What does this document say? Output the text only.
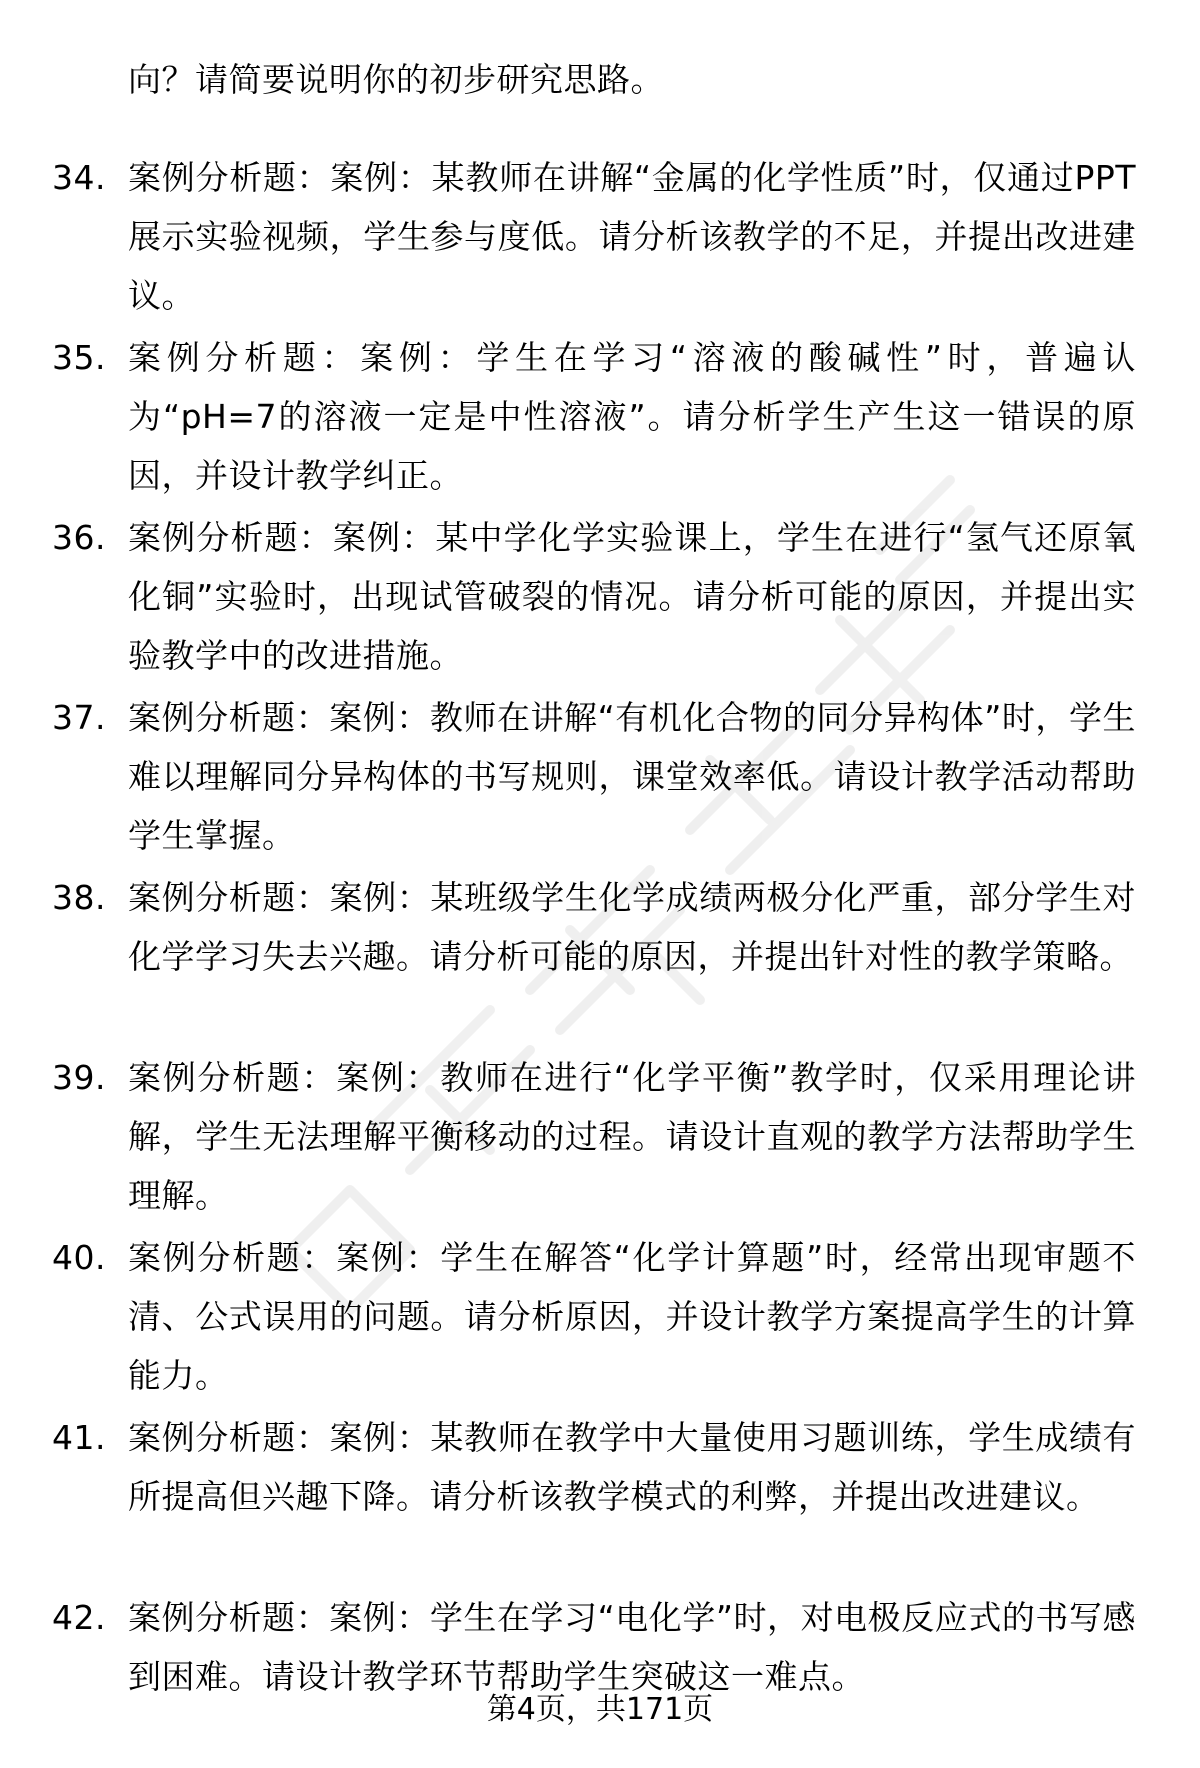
向？请简要说明你的初步研究思路。
34. 案例分析题：案例：某教师在讲解“金属的化学性质”时，仅通过PPT展示实验视频，学生参与度低。请分析该教学的不足，并提出改进建议。

35. 案例分析题：案例：学生在学习“溶液的酸碱性”时，普遍认为“pH=7的溶液一定是中性溶液”。请分析学生产生这一错误的原因，并设计教学纠正。

36. 案例分析题：案例：某中学化学实验课上，学生在进行“氢气还原氧化铜”实验时，出现试管破裂的情况。请分析可能的原因，并提出实验教学中的改进措施。

37. 案例分析题：案例：教师在讲解“有机化合物的同分异构体”时，学生难以理解同分异构体的书写规则，课堂效率低。请设计教学活动帮助学生掌握。

38. 案例分析题：案例：某班级学生化学成绩两极分化严重，部分学生对化学学习失去兴趣。请分析可能的原因，并提出针对性的教学策略。

39. 案例分析题：案例：教师在进行“化学平衡”教学时，仅采用理论讲解，学生无法理解平衡移动的过程。请设计直观的教学方法帮助学生理解。

40. 案例分析题：案例：学生在解答“化学计算题”时，经常出现审题不清、公式误用的问题。请分析原因，并设计教学方案提高学生的计算能力。

41. 案例分析题：案例：某教师在教学中大量使用习题训练，学生成绩有所提高但兴趣下降。请分析该教学模式的利弊，并提出改进建议。

42. 案例分析题：案例：学生在学习“电化学”时，对电极反应式的书写感到困难。请设计教学环节帮助学生突破这一难点。

第4页，共171页
